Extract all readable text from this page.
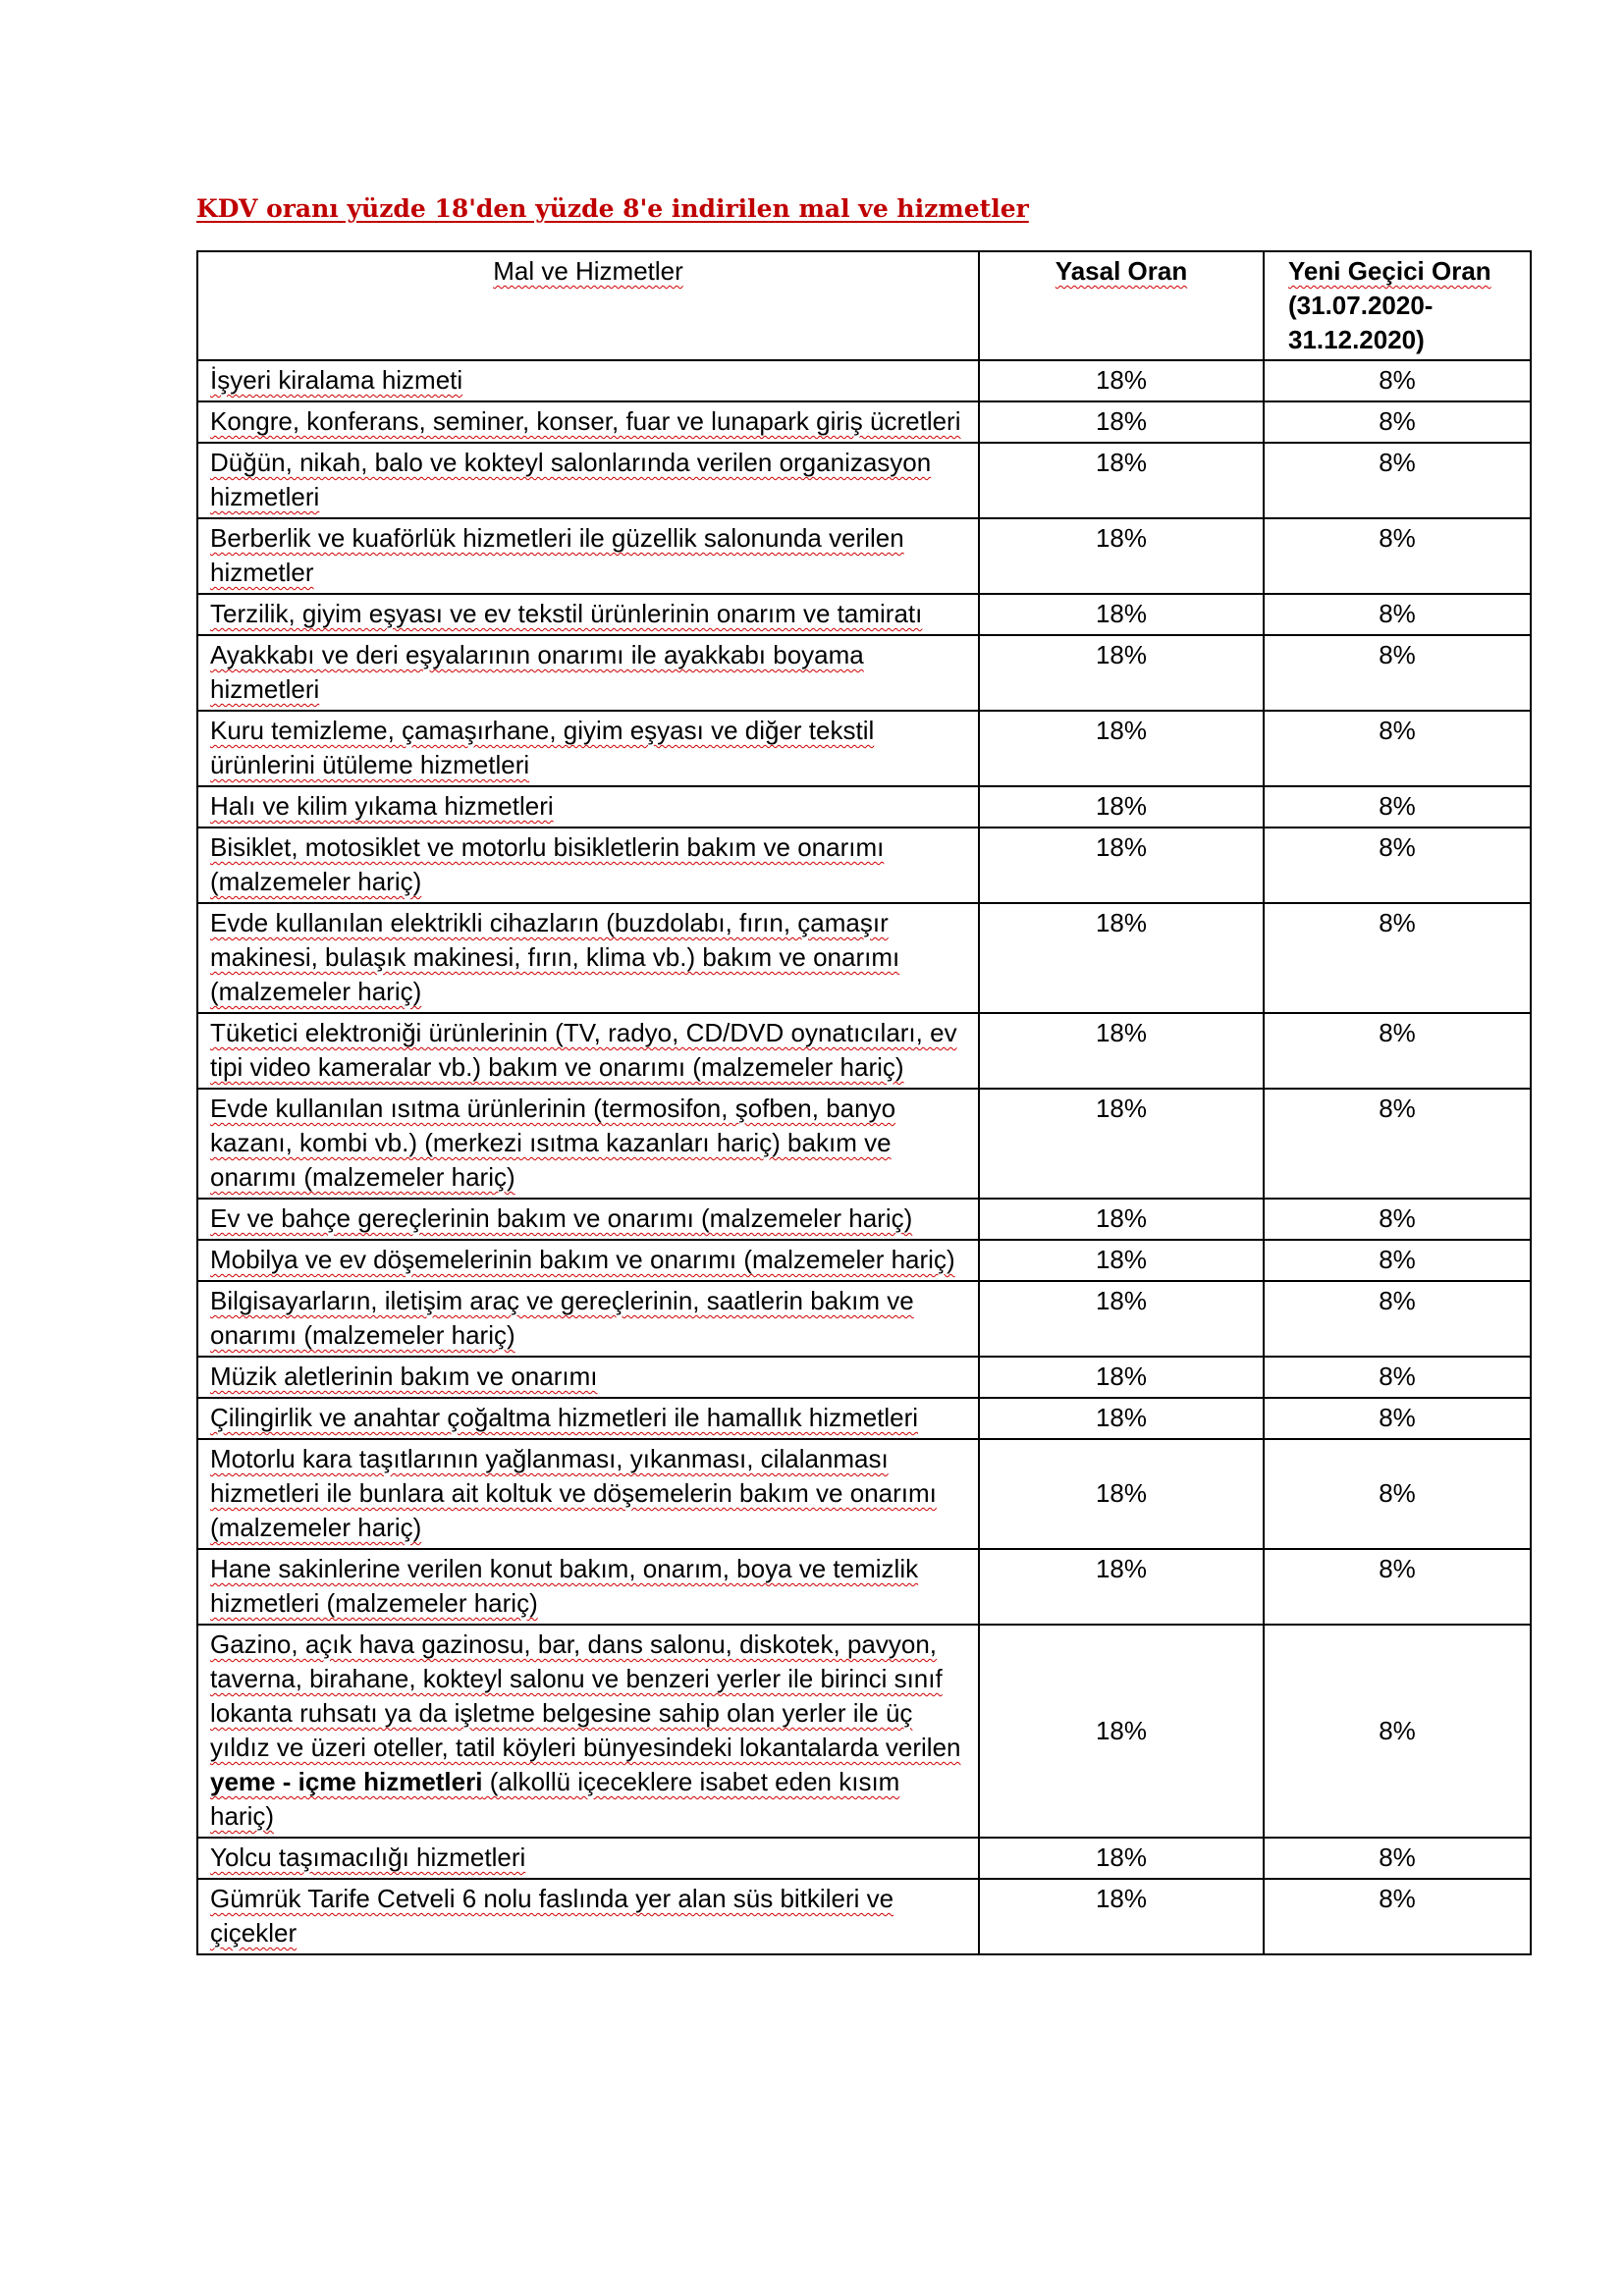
KDV oranı yüzde 18'den yüzde 8'e indirilen mal ve hizmetler
Mal ve Hizmetler	Yasal Oran	Yeni Geçici Oran
(31.07.2020-
31.12.2020)
İşyeri kiralama hizmeti	18%	8%
Kongre, konferans, seminer, konser, fuar ve lunapark giriş ücretleri	18%	8%
Düğün, nikah, balo ve kokteyl salonlarında verilen organizasyon hizmetleri	18%	8%
Berberlik ve kuaförlük hizmetleri ile güzellik salonunda verilen hizmetler	18%	8%
Terzilik, giyim eşyası ve ev tekstil ürünlerinin onarım ve tamiratı	18%	8%
Ayakkabı ve deri eşyalarının onarımı ile ayakkabı boyama hizmetleri	18%	8%
Kuru temizleme, çamaşırhane, giyim eşyası ve diğer tekstil ürünlerini ütüleme hizmetleri	18%	8%
Halı ve kilim yıkama hizmetleri	18%	8%
Bisiklet, motosiklet ve motorlu bisikletlerin bakım ve onarımı (malzemeler hariç)	18%	8%
Evde kullanılan elektrikli cihazların (buzdolabı, fırın, çamaşır makinesi, bulaşık makinesi, fırın, klima vb.) bakım ve onarımı (malzemeler hariç)	18%	8%
Tüketici elektroniği ürünlerinin (TV, radyo, CD/DVD oynatıcıları, ev tipi video kameralar vb.) bakım ve onarımı (malzemeler hariç)	18%	8%
Evde kullanılan ısıtma ürünlerinin (termosifon, şofben, banyo kazanı, kombi vb.) (merkezi ısıtma kazanları hariç) bakım ve onarımı (malzemeler hariç)	18%	8%
Ev ve bahçe gereçlerinin bakım ve onarımı (malzemeler hariç)	18%	8%
Mobilya ve ev döşemelerinin bakım ve onarımı (malzemeler hariç)	18%	8%
Bilgisayarların, iletişim araç ve gereçlerinin, saatlerin bakım ve onarımı (malzemeler hariç)	18%	8%
Müzik aletlerinin bakım ve onarımı	18%	8%
Çilingirlik ve anahtar çoğaltma hizmetleri ile hamallık hizmetleri	18%	8%
Motorlu kara taşıtlarının yağlanması, yıkanması, cilalanması hizmetleri ile bunlara ait koltuk ve döşemelerin bakım ve onarımı (malzemeler hariç)	18%	8%
Hane sakinlerine verilen konut bakım, onarım, boya ve temizlik hizmetleri (malzemeler hariç)	18%	8%
Gazino, açık hava gazinosu, bar, dans salonu, diskotek, pavyon, taverna, birahane, kokteyl salonu ve benzeri yerler ile birinci sınıf lokanta ruhsatı ya da işletme belgesine sahip olan yerler ile üç yıldız ve üzeri oteller, tatil köyleri bünyesindeki lokantalarda verilen yeme - içme hizmetleri (alkollü içeceklere isabet eden kısım hariç)	18%	8%
Yolcu taşımacılığı hizmetleri	18%	8%
Gümrük Tarife Cetveli 6 nolu faslında yer alan süs bitkileri ve çiçekler	18%	8%
